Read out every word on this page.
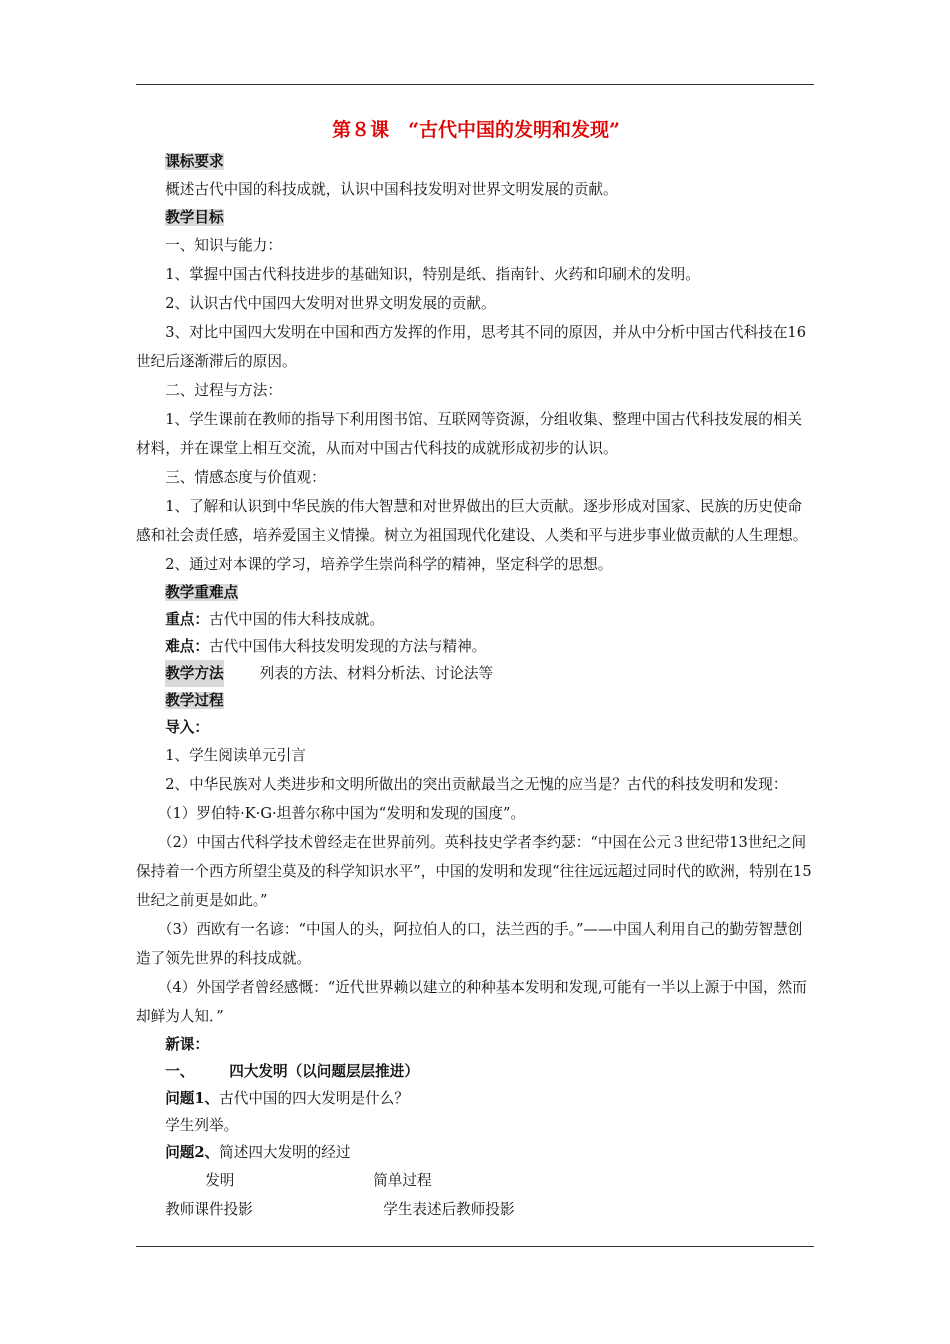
第８课　“古代中国的发明和发现”
课标要求

概述古代中国的科技成就，认识中国科技发明对世界文明发展的贡献。

教学目标

一、知识与能力：

1、掌握中国古代科技进步的基础知识，特别是纸、指南针、火药和印刷术的发明。

2、认识古代中国四大发明对世界文明发展的贡献。

3、对比中国四大发明在中国和西方发挥的作用，思考其不同的原因，并从中分析中国古代科技在16世纪后逐渐滞后的原因。

二、过程与方法：

1、学生课前在教师的指导下利用图书馆、互联网等资源，分组收集、整理中国古代科技发展的相关材料，并在课堂上相互交流，从而对中国古代科技的成就形成初步的认识。

三、情感态度与价值观：

1、了解和认识到中华民族的伟大智慧和对世界做出的巨大贡献。逐步形成对国家、民族的历史使命感和社会责任感，培养爱国主义情操。树立为祖国现代化建设、人类和平与进步事业做贡献的人生理想。

2、通过对本课的学习，培养学生崇尚科学的精神，坚定科学的思想。

教学重难点

重点：古代中国的伟大科技成就。

难点：古代中国伟大科技发明发现的方法与精神。

教学方法 列表的方法、材料分析法、讨论法等
教学过程
导入：

1、学生阅读单元引言

2、中华民族对人类进步和文明所做出的突出贡献最当之无愧的应当是？古代的科技发明和发现：

（1）罗伯特·K·G·坦普尔称中国为“发明和发现的国度”。

（2）中国古代科学技术曾经走在世界前列。英科技史学者李约瑟：“中国在公元３世纪带13世纪之间保持着一个西方所望尘莫及的科学知识水平”，中国的发明和发现“往往远远超过同时代的欧洲，特别在15世纪之前更是如此。”

（3）西欧有一名谚：“中国人的头，阿拉伯人的口，法兰西的手。”——中国人利用自己的勤劳智慧创造了领先世界的科技成就。

（4）外国学者曾经感慨：“近代世界赖以建立的种种基本发明和发现,可能有一半以上源于中国，然而却鲜为人知．”

新课：
一、 四大发明（以问题层层推进）

问题1、古代中国的四大发明是什么？

学生列举。

问题2、简述四大发明的经过

发明	简单过程
教师课件投影	学生表述后教师投影
